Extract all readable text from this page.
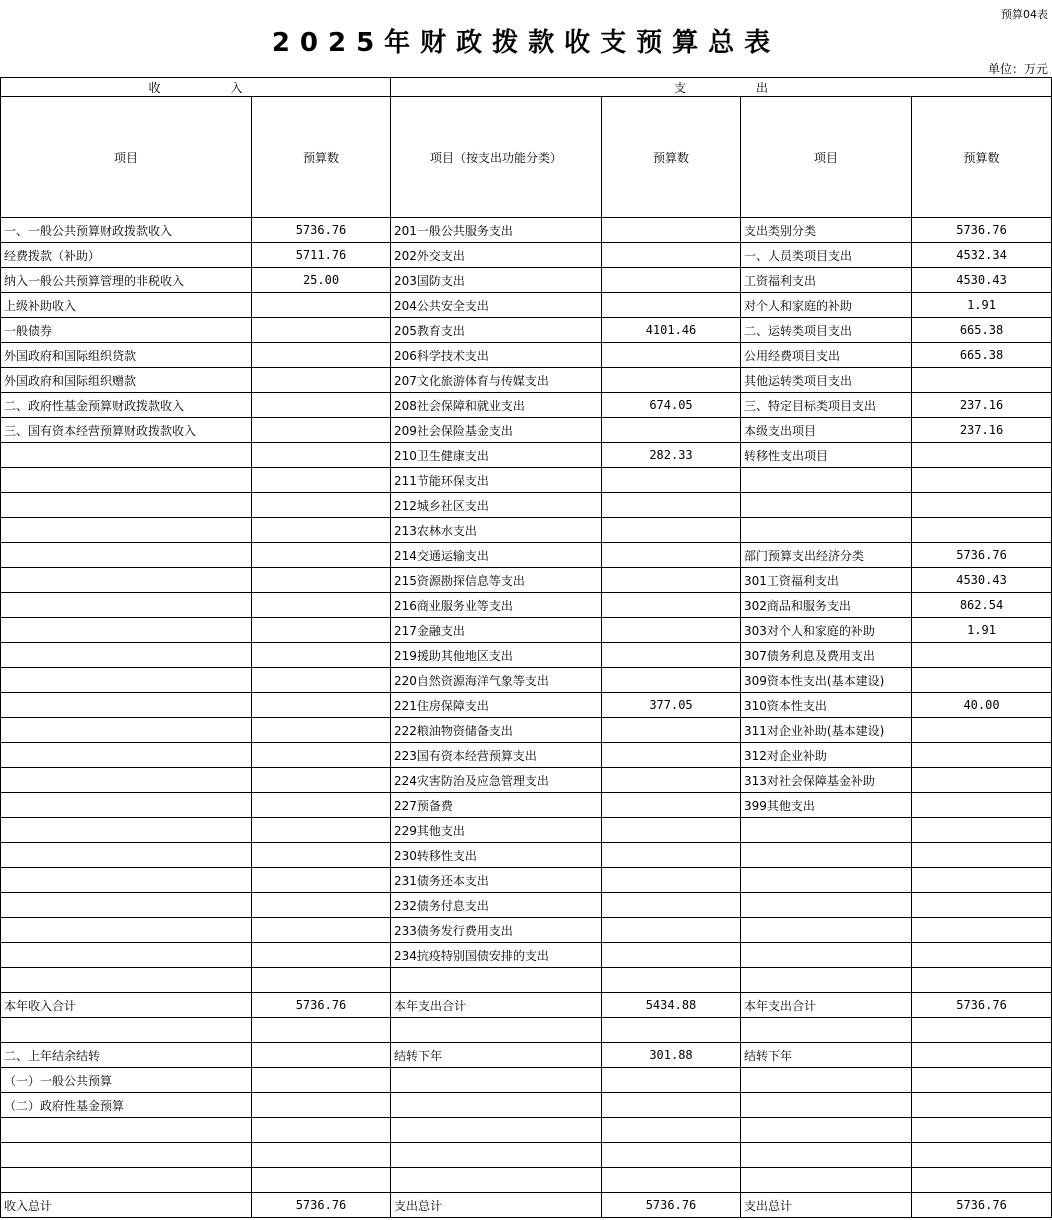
预算04表
2025年财政拨款收支预算总表
单位：万元
收 入		支 出			
项目	预算数	项目（按支出功能分类）	预算数	项目	预算数
一、一般公共预算财政拨款收入	5736.76	201一般公共服务支出		支出类别分类	5736.76
经费拨款（补助）	5711.76	202外交支出		一、人员类项目支出	4532.34
纳入一般公共预算管理的非税收入	25.00	203国防支出		工资福利支出	4530.43
上级补助收入		204公共安全支出		对个人和家庭的补助	1.91
一般债券		205教育支出	4101.46	二、运转类项目支出	665.38
外国政府和国际组织贷款		206科学技术支出		公用经费项目支出	665.38
外国政府和国际组织赠款		207文化旅游体育与传媒支出		其他运转类项目支出	
二、政府性基金预算财政拨款收入		208社会保障和就业支出	674.05	三、特定目标类项目支出	237.16
三、国有资本经营预算财政拨款收入		209社会保险基金支出		本级支出项目	237.16
		210卫生健康支出	282.33	转移性支出项目	
		211节能环保支出			
		212城乡社区支出			
		213农林水支出			
		214交通运输支出		部门预算支出经济分类	5736.76
		215资源勘探信息等支出		301工资福利支出	4530.43
		216商业服务业等支出		302商品和服务支出	862.54
		217金融支出		303对个人和家庭的补助	1.91
		219援助其他地区支出		307债务利息及费用支出	
		220自然资源海洋气象等支出		309资本性支出(基本建设)	
		221住房保障支出	377.05	310资本性支出	40.00
		222粮油物资储备支出		311对企业补助(基本建设)	
		223国有资本经营预算支出		312对企业补助	
		224灾害防治及应急管理支出		313对社会保障基金补助	
		227预备费		399其他支出	
		229其他支出			
		230转移性支出			
		231债务还本支出			
		232债务付息支出			
		233债务发行费用支出			
		234抗疫特别国债安排的支出			

本年收入合计	5736.76	本年支出合计	5434.88	本年支出合计	5736.76

二、上年结余结转		结转下年	301.88	结转下年	
（一）一般公共预算					
（二）政府性基金预算					

收入总计	5736.76	支出总计	5736.76	支出总计	5736.76
